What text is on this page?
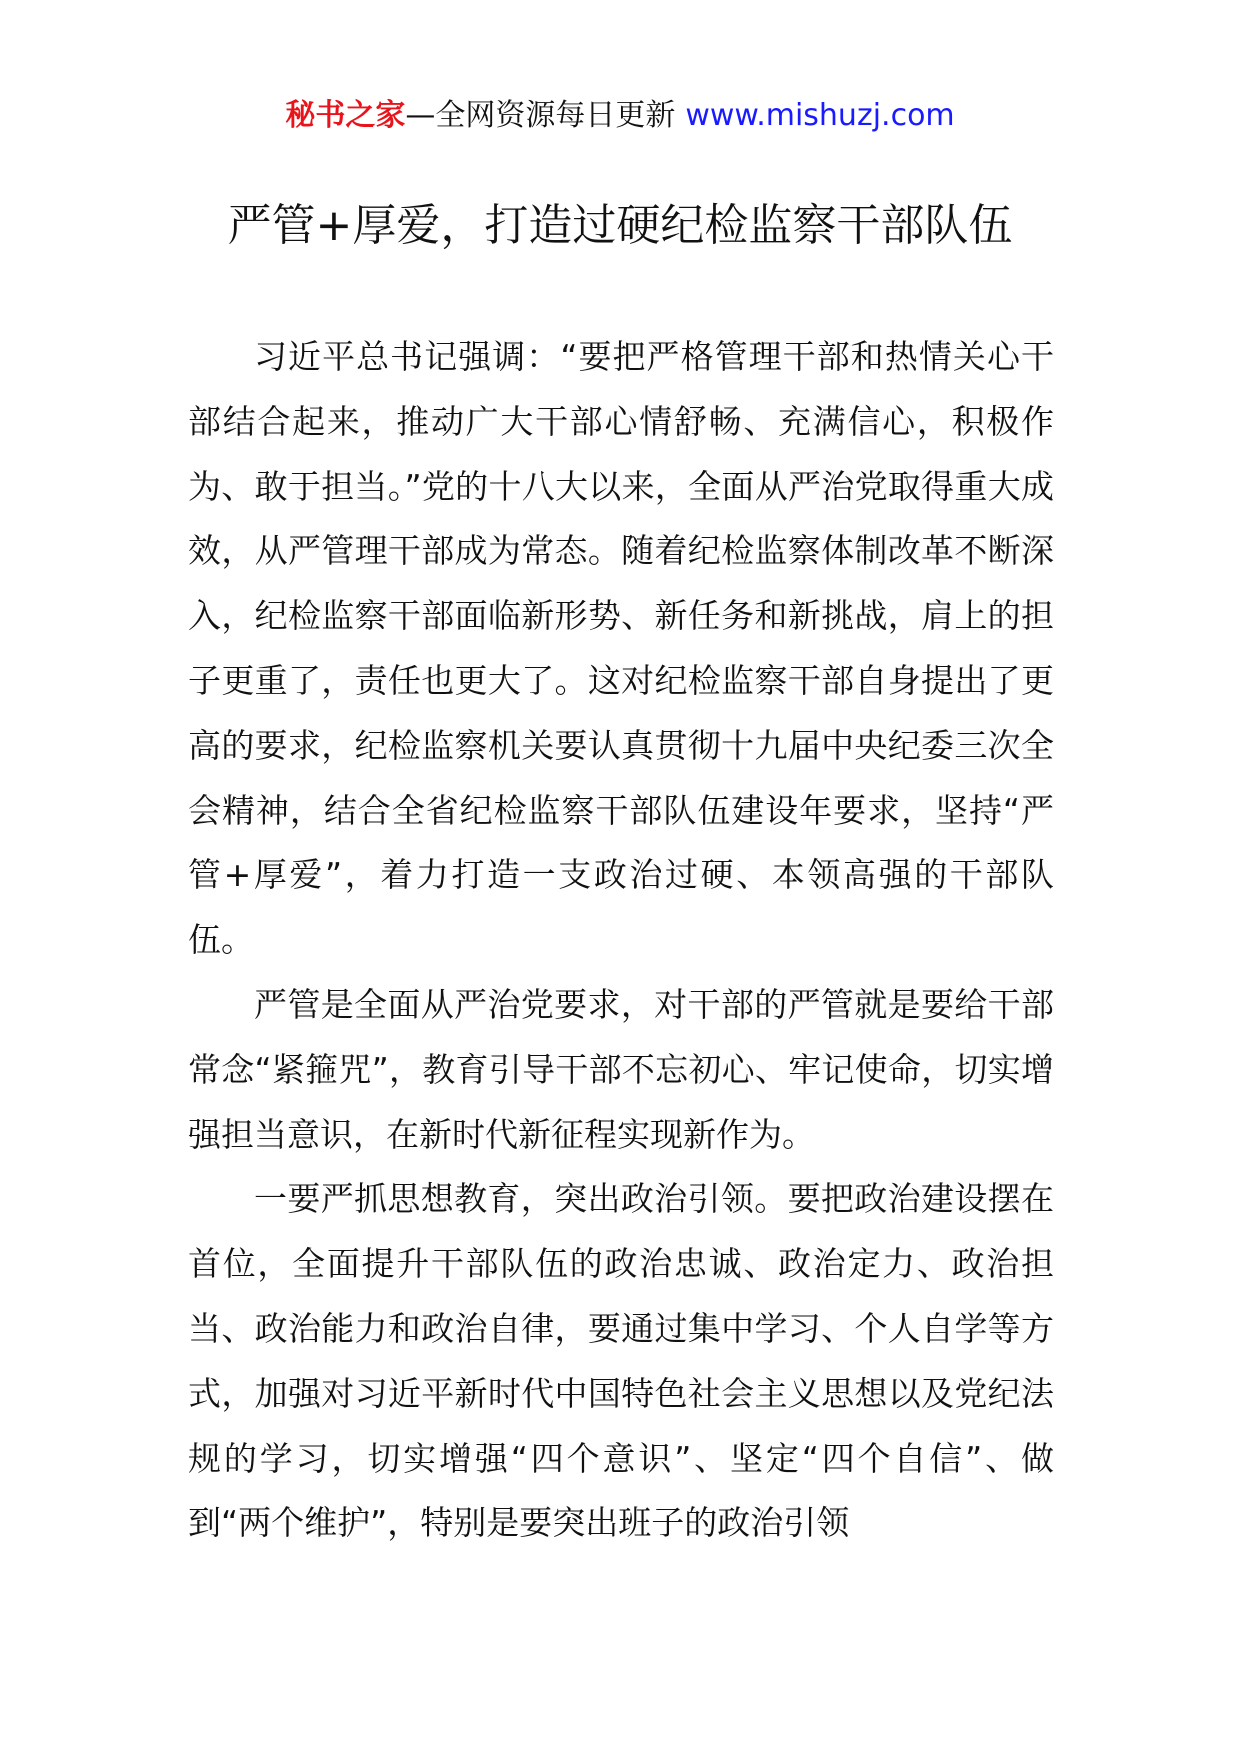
秘书之家—全网资源每日更新 www.mishuzj.com
严管+厚爱，打造过硬纪检监察干部队伍

习近平总书记强调：“要把严格管理干部和热情关心干部结合起来，推动广大干部心情舒畅、充满信心，积极作为、敢于担当。”党的十八大以来，全面从严治党取得重大成效，从严管理干部成为常态。随着纪检监察体制改革不断深入，纪检监察干部面临新形势、新任务和新挑战，肩上的担子更重了，责任也更大了。这对纪检监察干部自身提出了更高的要求，纪检监察机关要认真贯彻十九届中央纪委三次全会精神，结合全省纪检监察干部队伍建设年要求，坚持“严管+厚爱”，着力打造一支政治过硬、本领高强的干部队伍。

严管是全面从严治党要求，对干部的严管就是要给干部常念“紧箍咒”，教育引导干部不忘初心、牢记使命，切实增强担当意识，在新时代新征程实现新作为。

一要严抓思想教育，突出政治引领。要把政治建设摆在首位，全面提升干部队伍的政治忠诚、政治定力、政治担当、政治能力和政治自律，要通过集中学习、个人自学等方式，加强对习近平新时代中国特色社会主义思想以及党纪法规的学习，切实增强“四个意识”、坚定“四个自信”、做到“两个维护”，特别是要突出班子的政治引领
